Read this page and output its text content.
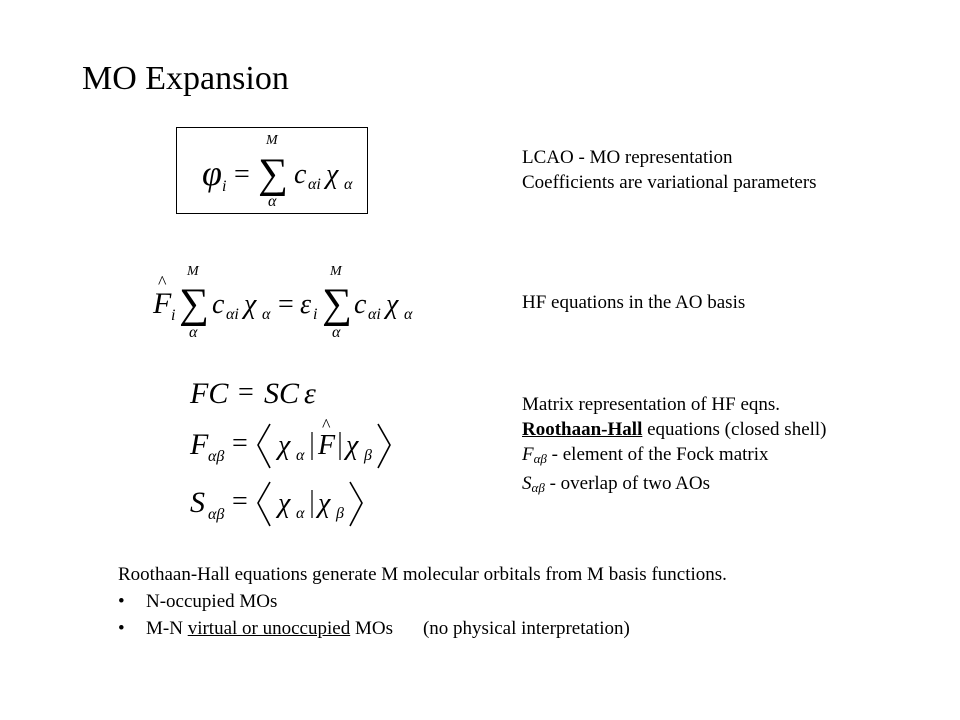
MO Expansion
φ i = ∑
M
α
c αi χ α
F
^
i ∑
M
α
c αi χ α = ε i ∑
M
α
c αi χ α
FC = SC ε
F αβ = χ α F
^
χ β
S αβ = χ α χ β
LCAO - MO representation
Coefficients are variational parameters
HF equations in the AO basis
Matrix representation of HF eqns.
Roothaan-Hall equations (closed shell)
$F_{\alpha\beta}$ - element of the Fock matrix
$S_{\alpha\beta}$ - overlap of two AOs
Roothaan-Hall equations generate M molecular orbitals from M basis functions.
•	N-occupied MOs
•	M-N virtual or unoccupied MOs (no physical interpretation)
